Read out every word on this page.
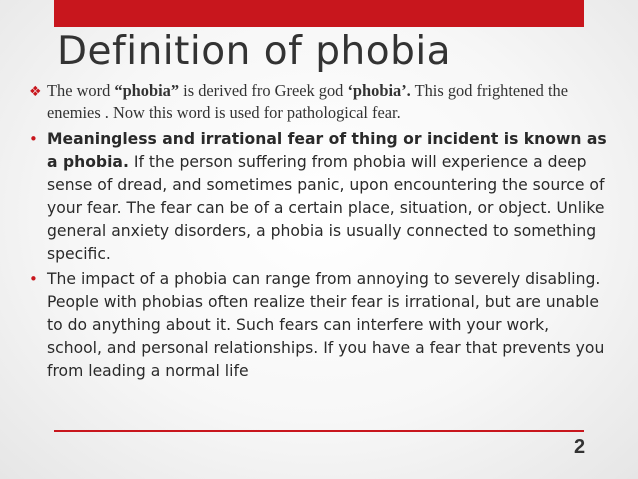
Definition of phobia
❖ The word “phobia” is derived fro Greek god ‘phobia’. This god frightened the enemies . Now this word is used for pathological fear.
• Meaningless and irrational fear of thing or incident is known as a phobia. If the person suffering from phobia will experience a deep sense of dread, and sometimes panic, upon encountering the source of your fear. The fear can be of a certain place, situation, or object. Unlike general anxiety disorders, a phobia is usually connected to something specific.
• The impact of a phobia can range from annoying to severely disabling. People with phobias often realize their fear is irrational, but are unable to do anything about it. Such fears can interfere with your work, school, and personal relationships. If you have a fear that prevents you from leading a normal life
2
